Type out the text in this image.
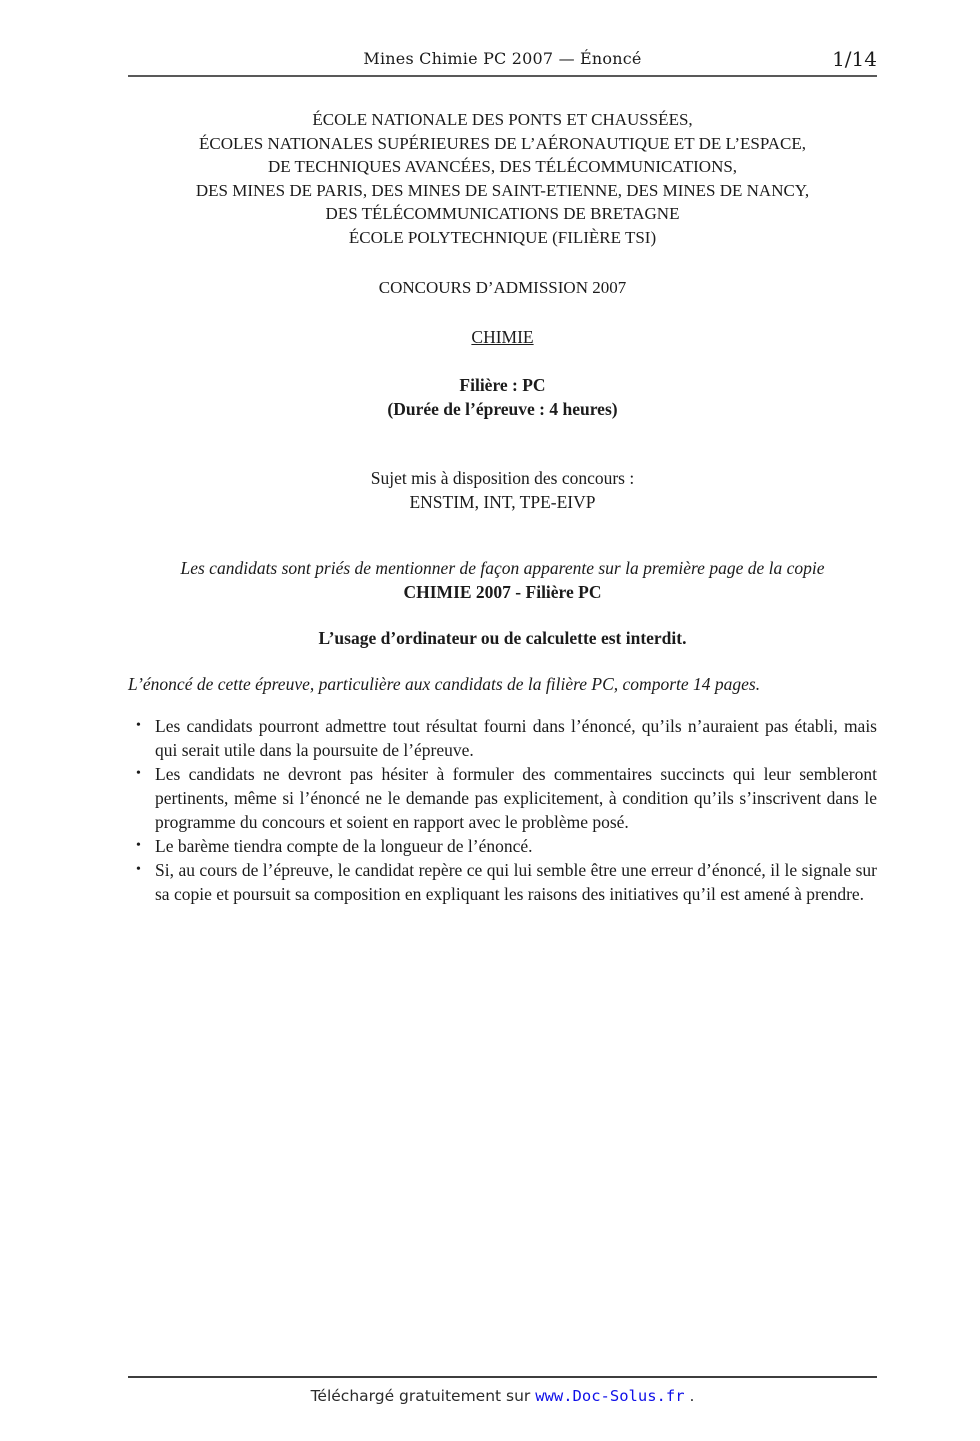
Mines Chimie PC 2007 — Énoncé	1/14
ÉCOLE NATIONALE DES PONTS ET CHAUSSÉES,
ÉCOLES NATIONALES SUPÉRIEURES DE L’AÉRONAUTIQUE ET DE L’ESPACE,
DE TECHNIQUES AVANCÉES, DES TÉLÉCOMMUNICATIONS,
DES MINES DE PARIS, DES MINES DE SAINT-ETIENNE, DES MINES DE NANCY,
DES TÉLÉCOMMUNICATIONS DE BRETAGNE
ÉCOLE POLYTECHNIQUE (FILIÈRE TSI)
CONCOURS D’ADMISSION 2007
CHIMIE
Filière : PC
(Durée de l’épreuve : 4 heures)
Sujet mis à disposition des concours :
ENSTIM, INT, TPE-EIVP
Les candidats sont priés de mentionner de façon apparente sur la première page de la copie
CHIMIE 2007 - Filière PC
L’usage d’ordinateur ou de calculette est interdit.
L’énoncé de cette épreuve, particulière aux candidats de la filière PC, comporte 14 pages.
• Les candidats pourront admettre tout résultat fourni dans l’énoncé, qu’ils n’auraient pas établi, mais qui serait utile dans la poursuite de l’épreuve.
• Les candidats ne devront pas hésiter à formuler des commentaires succincts qui leur sembleront pertinents, même si l’énoncé ne le demande pas explicitement, à condition qu’ils s’inscrivent dans le programme du concours et soient en rapport avec le problème posé.
• Le barème tiendra compte de la longueur de l’énoncé.
• Si, au cours de l’épreuve, le candidat repère ce qui lui semble être une erreur d’énoncé, il le signale sur sa copie et poursuit sa composition en expliquant les raisons des initiatives qu’il est amené à prendre.
Téléchargé gratuitement sur www.Doc-Solus.fr .
